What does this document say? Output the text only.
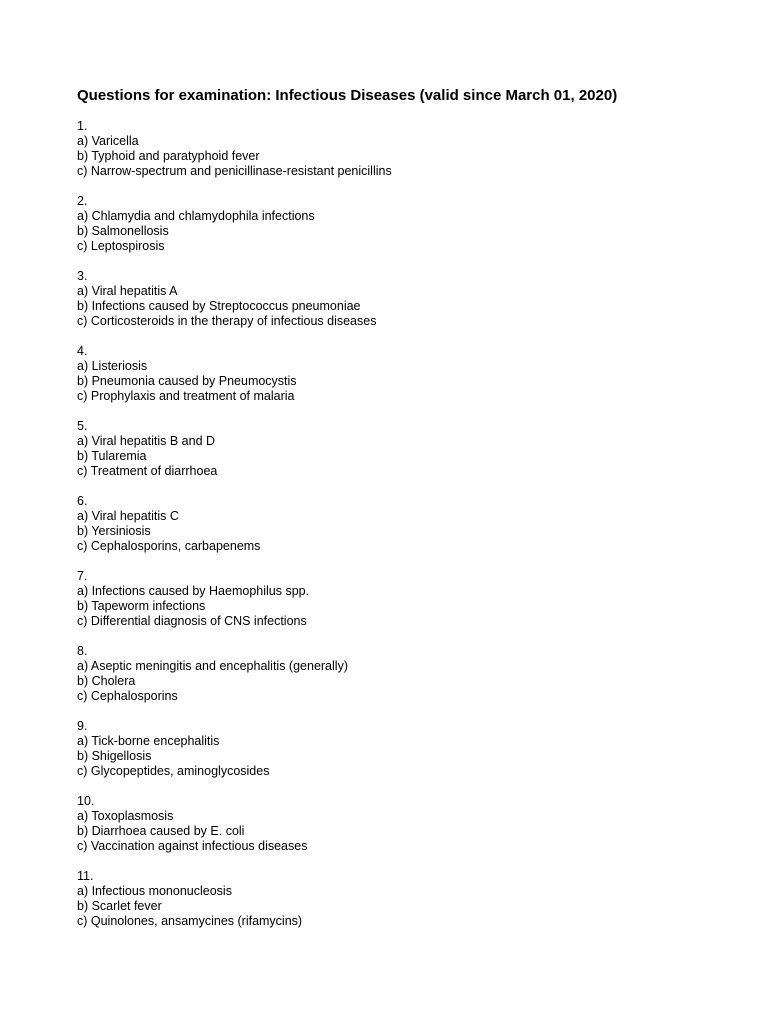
Questions for examination: Infectious Diseases (valid since March 01, 2020)
1.
a) Varicella
b) Typhoid and paratyphoid fever
c) Narrow-spectrum and penicillinase-resistant penicillins
2.
a) Chlamydia and chlamydophila infections
b) Salmonellosis
c) Leptospirosis
3.
a) Viral hepatitis A
b) Infections caused by Streptococcus pneumoniae
c) Corticosteroids in the therapy of infectious diseases
4.
a) Listeriosis
b) Pneumonia caused by Pneumocystis
c) Prophylaxis and treatment of malaria
5.
a) Viral hepatitis B and D
b) Tularemia
c) Treatment of diarrhoea
6.
a) Viral hepatitis C
b) Yersiniosis
c) Cephalosporins, carbapenems
7.
a) Infections caused by Haemophilus spp.
b) Tapeworm infections
c) Differential diagnosis of CNS infections
8.
a) Aseptic meningitis and encephalitis (generally)
b) Cholera
c) Cephalosporins
9.
a) Tick-borne encephalitis
b) Shigellosis
c) Glycopeptides, aminoglycosides
10.
a) Toxoplasmosis
b) Diarrhoea caused by E. coli
c) Vaccination against infectious diseases
11.
a) Infectious mononucleosis
b) Scarlet fever
c) Quinolones, ansamycines (rifamycins)
